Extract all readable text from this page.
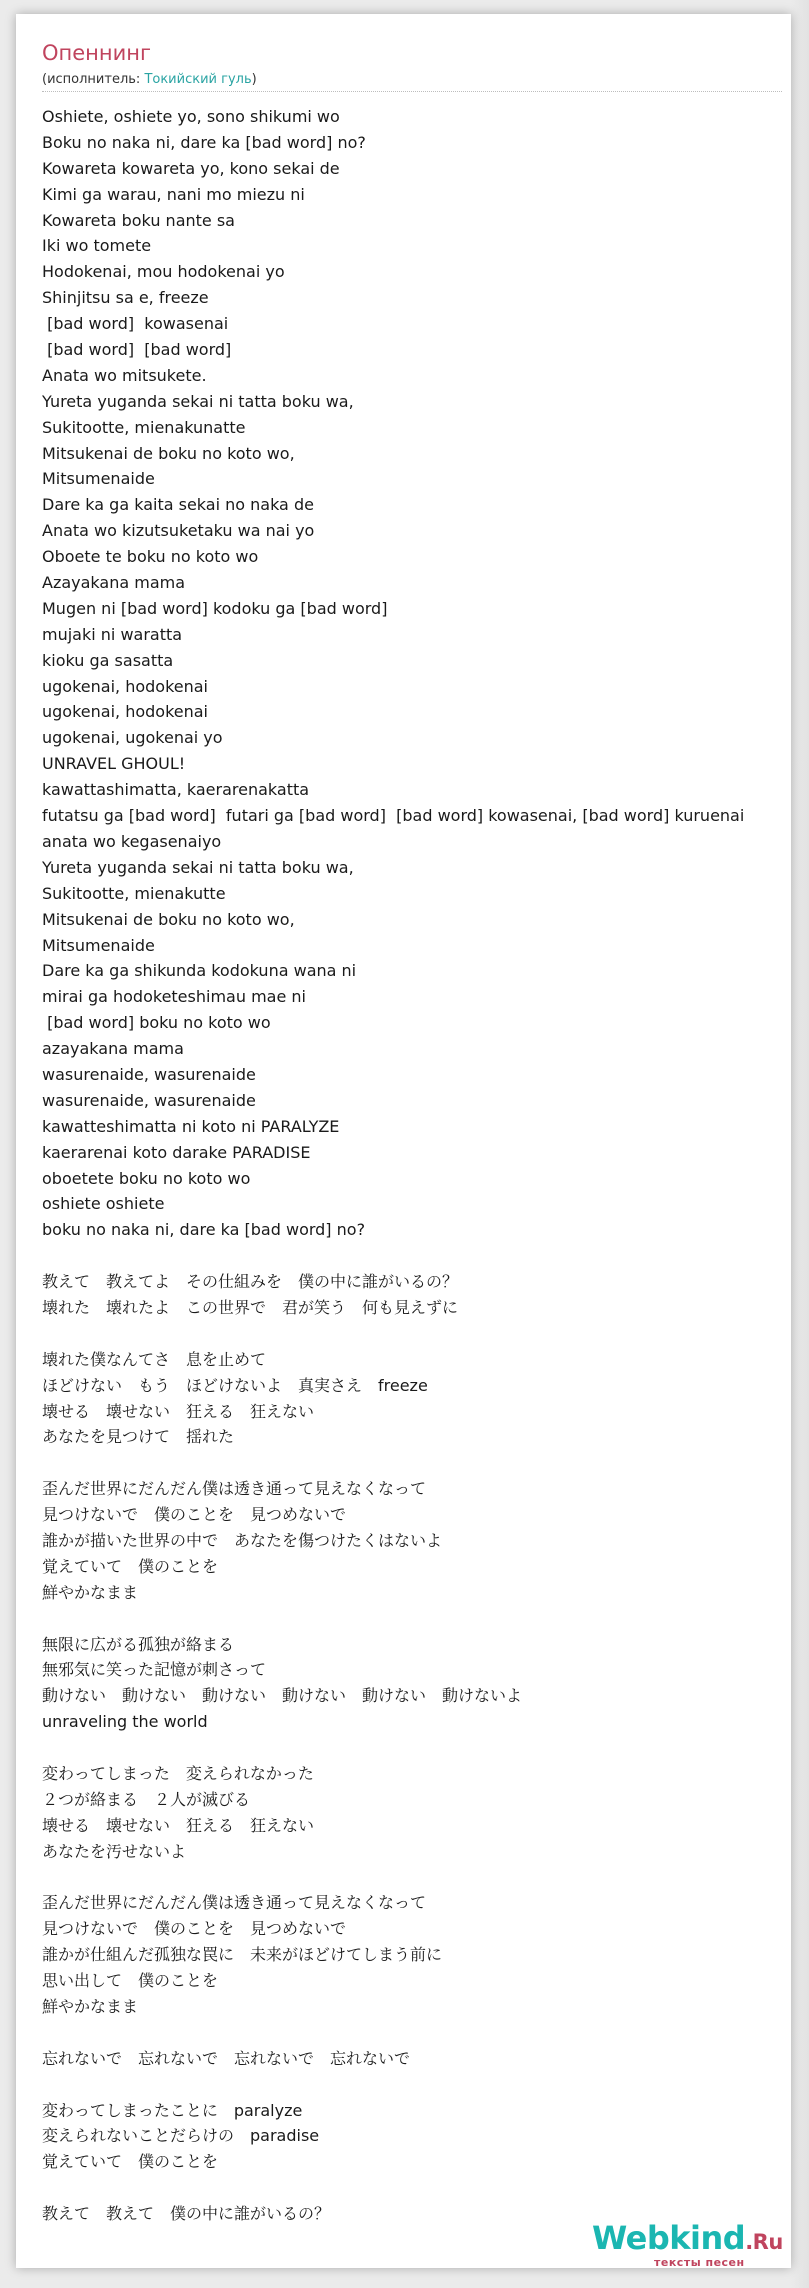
Опеннинг
(исполнитель: Токийский гуль)
Oshiete, oshiete yo, sono shikumi wo
Boku no naka ni, dare ka [bad word] no?
Kowareta kowareta yo, kono sekai de
Kimi ga warau, nani mo miezu ni
Kowareta boku nante sa
Iki wo tomete
Hodokenai, mou hodokenai yo
Shinjitsu sa e, freeze
[bad word]  kowasenai
[bad word]  [bad word]
Anata wo mitsukete.
Yureta yuganda sekai ni tatta boku wa,
Sukitootte, mienakunatte
Mitsukenai de boku no koto wo,
Mitsumenaide
Dare ka ga kaita sekai no naka de
Anata wo kizutsuketaku wa nai yo
Oboete te boku no koto wo
Azayakana mama
Mugen ni [bad word] kodoku ga [bad word]
mujaki ni waratta
kioku ga sasatta
ugokenai, hodokenai
ugokenai, hodokenai
ugokenai, ugokenai yo
UNRAVEL GHOUL!
kawattashimatta, kaerarenakatta
futatsu ga [bad word]  futari ga [bad word]  [bad word] kowasenai, [bad word] kuruenai
anata wo kegasenaiyo
Yureta yuganda sekai ni tatta boku wa,
Sukitootte, mienakutte
Mitsukenai de boku no koto wo,
Mitsumenaide
Dare ka ga shikunda kodokuna wana ni
mirai ga hodoketeshimau mae ni
[bad word] boku no koto wo
azayakana mama
wasurenaide, wasurenaide
wasurenaide, wasurenaide
kawatteshimatta ni koto ni PARALYZE
kaerarenai koto darake PARADISE
oboetete boku no koto wo
oshiete oshiete
boku no naka ni, dare ka [bad word] no?
教えて　教えてよ　その仕組みを　僕の中に誰がいるの？
壊れた　壊れたよ　この世界で　君が笑う　何も見えずに
壊れた僕なんてさ　息を止めて
ほどけない　もう　ほどけないよ　真実さえ　freeze
壊せる　壊せない　狂える　狂えない
あなたを見つけて　揺れた
歪んだ世界にだんだん僕は透き通って見えなくなって
見つけないで　僕のことを　見つめないで
誰かが描いた世界の中で　あなたを傷つけたくはないよ
覚えていて　僕のことを
鮮やかなまま
無限に広がる孤独が絡まる
無邪気に笑った記憶が刺さって
動けない　動けない　動けない　動けない　動けない　動けないよ
unraveling the world
変わってしまった　変えられなかった
２つが絡まる　２人が滅びる
壊せる　壊せない　狂える　狂えない
あなたを汚せないよ
歪んだ世界にだんだん僕は透き通って見えなくなって
見つけないで　僕のことを　見つめないで
誰かが仕組んだ孤独な罠に　未来がほどけてしまう前に
思い出して　僕のことを
鮮やかなまま
忘れないで　忘れないで　忘れないで　忘れないで
変わってしまったことに　paralyze
変えられないことだらけの　paradise
覚えていて　僕のことを
教えて　教えて　僕の中に誰がいるの？
Webkind.Ru
тексты песен
